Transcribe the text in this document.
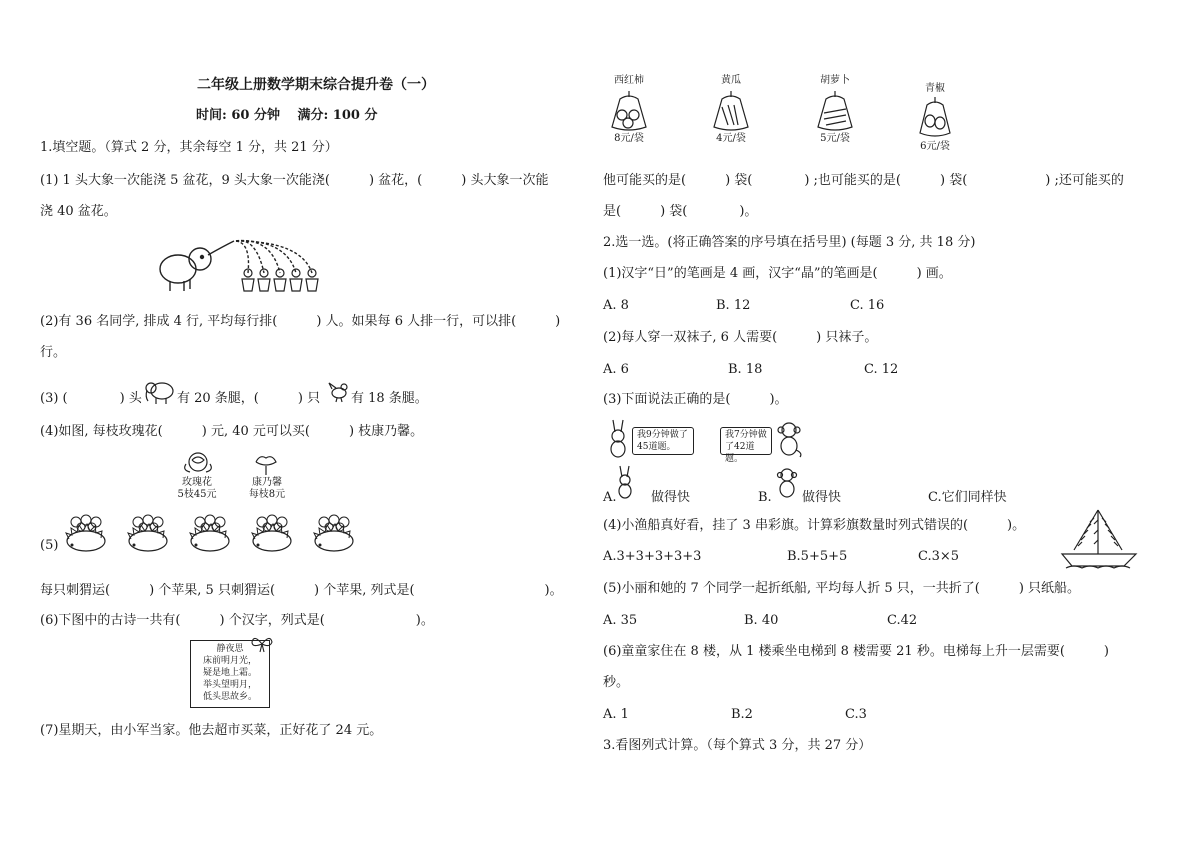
二年级上册数学期末综合提升卷（一）
时间: 60 分钟　 满分: 100 分
1.填空题。（算式 2 分，其余每空 1 分，共 21 分）
(1) 1 头大象一次能浇 5 盆花，9 头大象一次能浇(　　　) 盆花，(　　　) 头大象一次能
浇 40 盆花。
(2)有 36 名同学, 排成 4 行, 平均每行排(　　　) 人。如果每 6 人排一行，可以排(　　　)
行。
(3) (　　　　) 头	有 20 条腿，(　　　) 只 有 18 条腿。
(4)如图, 每枝玫瑰花(　　　) 元, 40 元可以买(　　　) 枝康乃馨。
玫瑰花
5枝45元
康乃馨
每枝8元
(5)
每只刺猬运(　　　) 个苹果, 5 只刺猬运(　　　) 个苹果, 列式是(　　　　　　　　　　)。
(6)下图中的古诗一共有(　　　) 个汉字，列式是(　　　　　　　)。
静夜思
床前明月光，
疑是地上霜。
举头望明月，
低头思故乡。
(7)星期天，由小军当家。他去超市买菜，正好花了 24 元。
西红柿
8元/袋
黄瓜
4元/袋
胡萝卜
5元/袋
青椒
6元/袋
他可能买的是(　　　) 袋(　　　　) ;也可能买的是(　　　) 袋(　　　　　　) ;还可能买的
是(　　　) 袋(　　　　)。
2.选一选。(将正确答案的序号填在括号里) (每题 3 分, 共 18 分)
(1)汉字“日”的笔画是 4 画，汉字“晶”的笔画是(　　　) 画。
A. 8	B. 12	C. 16
(2)每人穿一双袜子, 6 人需要(　　　) 只袜子。
A. 6	B. 18	C. 12
(3)下面说法正确的是(　　　)。
我9分钟做了45道题。
我7分钟做了42道题。
A.	做得快	B. 做得快	C.它们同样快
(4)小渔船真好看，挂了 3 串彩旗。计算彩旗数量时列式错误的(　　　)。
A.3+3+3+3+3	B.5+5+5	C.3×5
(5)小丽和她的 7 个同学一起折纸船, 平均每人折 5 只，一共折了(　　　) 只纸船。
A. 35	B. 40	C.42
(6)童童家住在 8 楼，从 1 楼乘坐电梯到 8 楼需要 21 秒。电梯每上升一层需要(　　　)
秒。
A. 1	B.2	C.3
3.看图列式计算。（每个算式 3 分，共 27 分）
